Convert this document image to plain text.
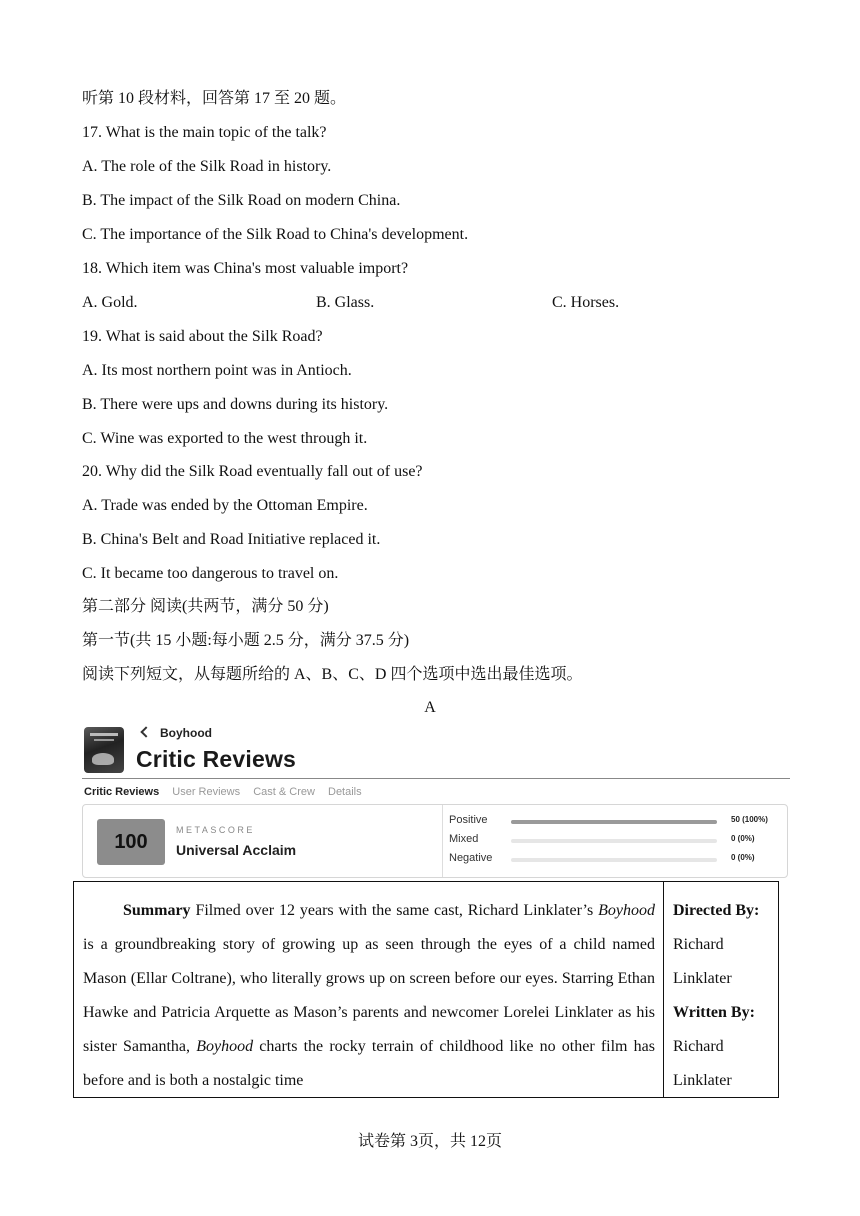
听第 10 段材料，回答第 17 至 20 题。
17. What is the main topic of the talk?
A. The role of the Silk Road in history.
B. The impact of the Silk Road on modern China.
C. The importance of the Silk Road to China's development.
18. Which item was China's most valuable import?
A. Gold.	B. Glass.	C. Horses.
19. What is said about the Silk Road?
A. Its most northern point was in Antioch.
B. There were ups and downs during its history.
C. Wine was exported to the west through it.
20. Why did the Silk Road eventually fall out of use?
A. Trade was ended by the Ottoman Empire.
B. China's Belt and Road Initiative replaced it.
C. It became too dangerous to travel on.
第二部分 阅读(共两节，满分 50 分)
第一节(共 15 小题:每小题 2.5 分，满分 37.5 分)
阅读下列短文，从每题所给的 A、B、C、D 四个选项中选出最佳选项。
A
Boyhood
Critic Reviews
Critic Reviews User Reviews Cast & Crew Details
100
METASCORE
Universal Acclaim
Positive	50 (100%)
Mixed	0 (0%)
Negative	0 (0%)
Summary Filmed over 12 years with the same cast, Richard Linklater’s Boyhood is a groundbreaking story of growing up as seen through the eyes of a child named Mason (Ellar Coltrane), who literally grows up on screen before our eyes. Starring Ethan Hawke and Patricia Arquette as Mason’s parents and newcomer Lorelei Linklater as his sister Samantha, Boyhood charts the rocky terrain of childhood like no other film has before and is both a nostalgic time
Directed By:
Richard
Linklater
Written By:
Richard
Linklater
试卷第 3页，共 12页
